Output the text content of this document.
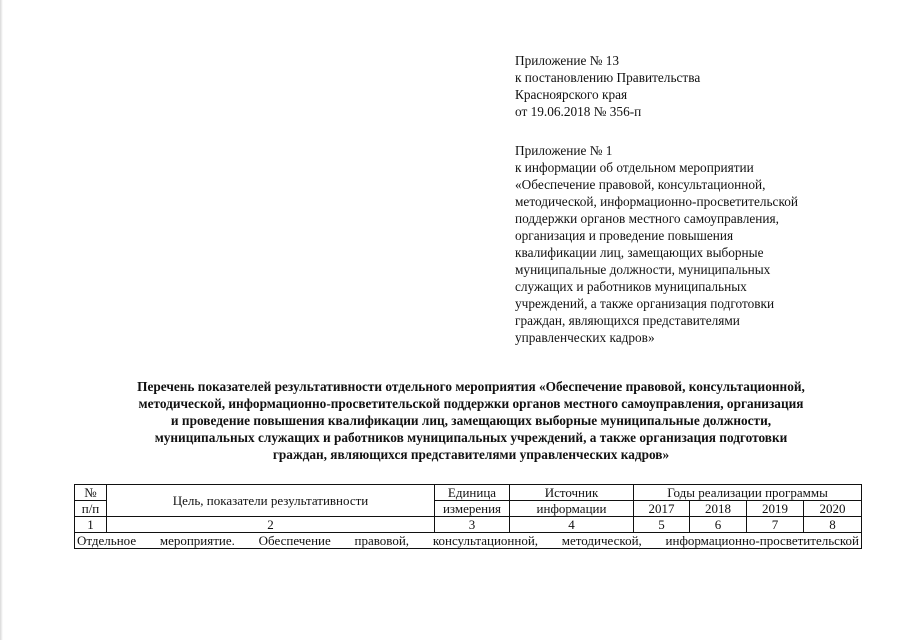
Приложение № 13

к постановлению Правительства

Красноярского края

от 19.06.2018 № 356-п

Приложение № 1

к информации об отдельном мероприятии

«Обеспечение правовой, консультационной,

методической, информационно-просветительской

поддержки органов местного самоуправления,

организация и проведение повышения

квалификации лиц, замещающих выборные

муниципальные должности, муниципальных

служащих и работников муниципальных

учреждений, а также организация подготовки

граждан, являющихся представителями

управленческих кадров»

Перечень показателей результативности отдельного мероприятия «Обеспечение правовой, консультационной,

методической, информационно-просветительской поддержки органов местного самоуправления, организация

и проведение повышения квалификации лиц, замещающих выборные муниципальные должности,

муниципальных служащих и работников муниципальных учреждений, а также организация подготовки

граждан, являющихся представителями управленческих кадров»

№	Цель, показатели результативности	Единица	Источник	Годы реализации программы			
п/п		измерения	информации	2017	2018	2019	2020
1	2	3	4	5	6	7	8
Отдельное мероприятие. Обеспечение правовой, консультационной, методической, информационно-просветительской							
